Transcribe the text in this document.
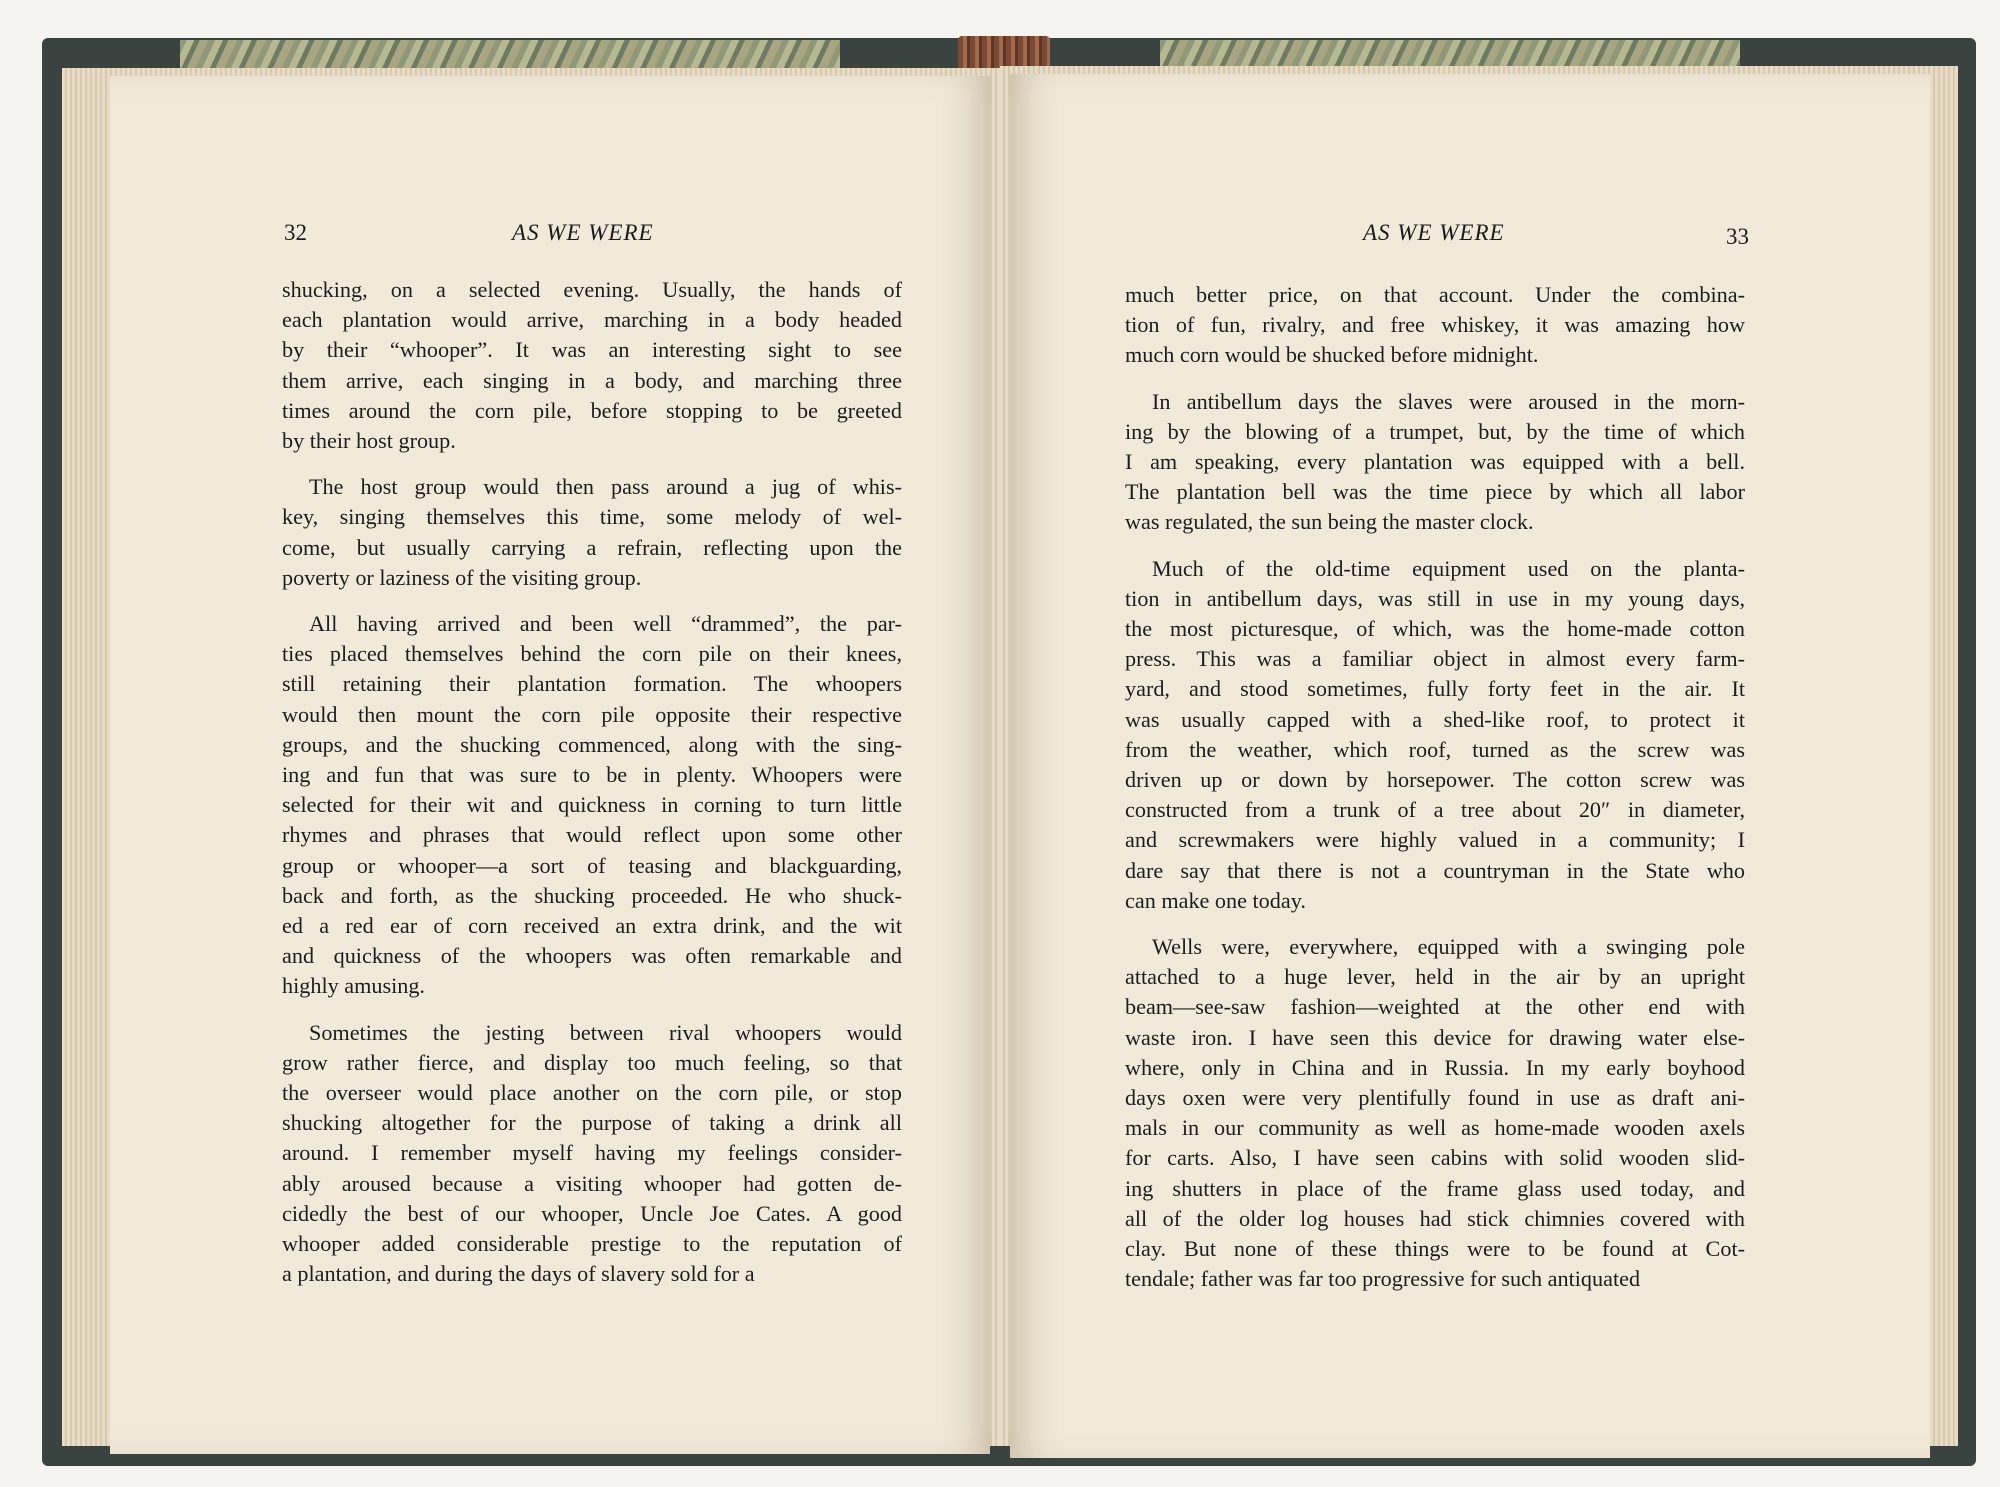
32	AS WE WERE	AS WE WERE	33

shucking, on a selected evening. Usually, the hands of
each plantation would arrive, marching in a body headed
by their “whooper”. It was an interesting sight to see
them arrive, each singing in a body, and marching three
times around the corn pile, before stopping to be greeted
by their host group.

The host group would then pass around a jug of whis-
key, singing themselves this time, some melody of wel-
come, but usually carrying a refrain, reflecting upon the
poverty or laziness of the visiting group.

All having arrived and been well “drammed”, the par-
ties placed themselves behind the corn pile on their knees,
still retaining their plantation formation. The whoopers
would then mount the corn pile opposite their respective
groups, and the shucking commenced, along with the sing-
ing and fun that was sure to be in plenty. Whoopers were
selected for their wit and quickness in corning to turn little
rhymes and phrases that would reflect upon some other
group or whooper—a sort of teasing and blackguarding,
back and forth, as the shucking proceeded. He who shuck-
ed a red ear of corn received an extra drink, and the wit
and quickness of the whoopers was often remarkable and
highly amusing.

Sometimes the jesting between rival whoopers would
grow rather fierce, and display too much feeling, so that
the overseer would place another on the corn pile, or stop
shucking altogether for the purpose of taking a drink all
around. I remember myself having my feelings consider-
ably aroused because a visiting whooper had gotten de-
cidedly the best of our whooper, Uncle Joe Cates. A good
whooper added considerable prestige to the reputation of
a plantation, and during the days of slavery sold for a

much better price, on that account. Under the combina-
tion of fun, rivalry, and free whiskey, it was amazing how
much corn would be shucked before midnight.

In antibellum days the slaves were aroused in the morn-
ing by the blowing of a trumpet, but, by the time of which
I am speaking, every plantation was equipped with a bell.
The plantation bell was the time piece by which all labor
was regulated, the sun being the master clock.

Much of the old-time equipment used on the planta-
tion in antibellum days, was still in use in my young days,
the most picturesque, of which, was the home-made cotton
press. This was a familiar object in almost every farm-
yard, and stood sometimes, fully forty feet in the air. It
was usually capped with a shed-like roof, to protect it
from the weather, which roof, turned as the screw was
driven up or down by horsepower. The cotton screw was
constructed from a trunk of a tree about 20″ in diameter,
and screwmakers were highly valued in a community; I
dare say that there is not a countryman in the State who
can make one today.

Wells were, everywhere, equipped with a swinging pole
attached to a huge lever, held in the air by an upright
beam—see-saw fashion—weighted at the other end with
waste iron. I have seen this device for drawing water else-
where, only in China and in Russia. In my early boyhood
days oxen were very plentifully found in use as draft ani-
mals in our community as well as home-made wooden axels
for carts. Also, I have seen cabins with solid wooden slid-
ing shutters in place of the frame glass used today, and
all of the older log houses had stick chimnies covered with
clay. But none of these things were to be found at Cot-
tendale; father was far too progressive for such antiquated
